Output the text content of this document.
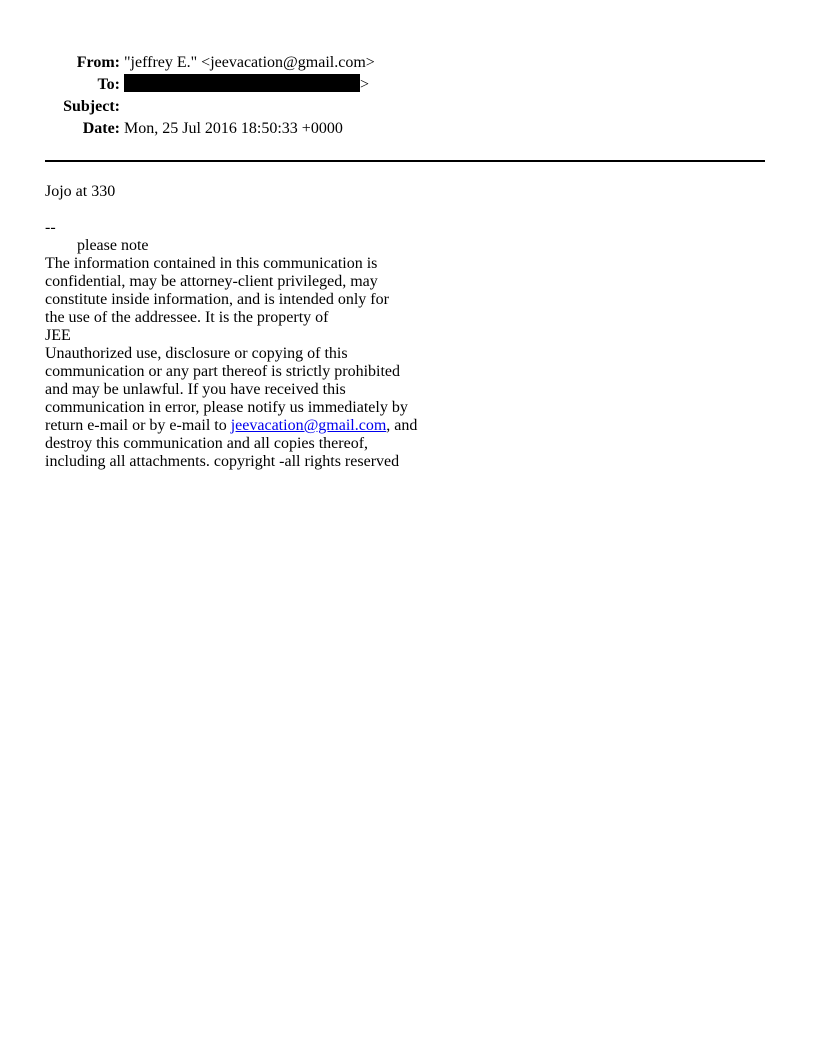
From: "jeffrey E." <jeevacation@gmail.com>
To:	>
Subject:
Date: Mon, 25 Jul 2016 18:50:33 +0000
Jojo at 330
--
please note
The information contained in this communication is
confidential, may be attorney-client privileged, may
constitute inside information, and is intended only for
the use of the addressee. It is the property of
JEE
Unauthorized use, disclosure or copying of this
communication or any part thereof is strictly prohibited
and may be unlawful. If you have received this
communication in error, please notify us immediately by
return e-mail or by e-mail to jeevacation@gmail.com, and
destroy this communication and all copies thereof,
including all attachments. copyright -all rights reserved
